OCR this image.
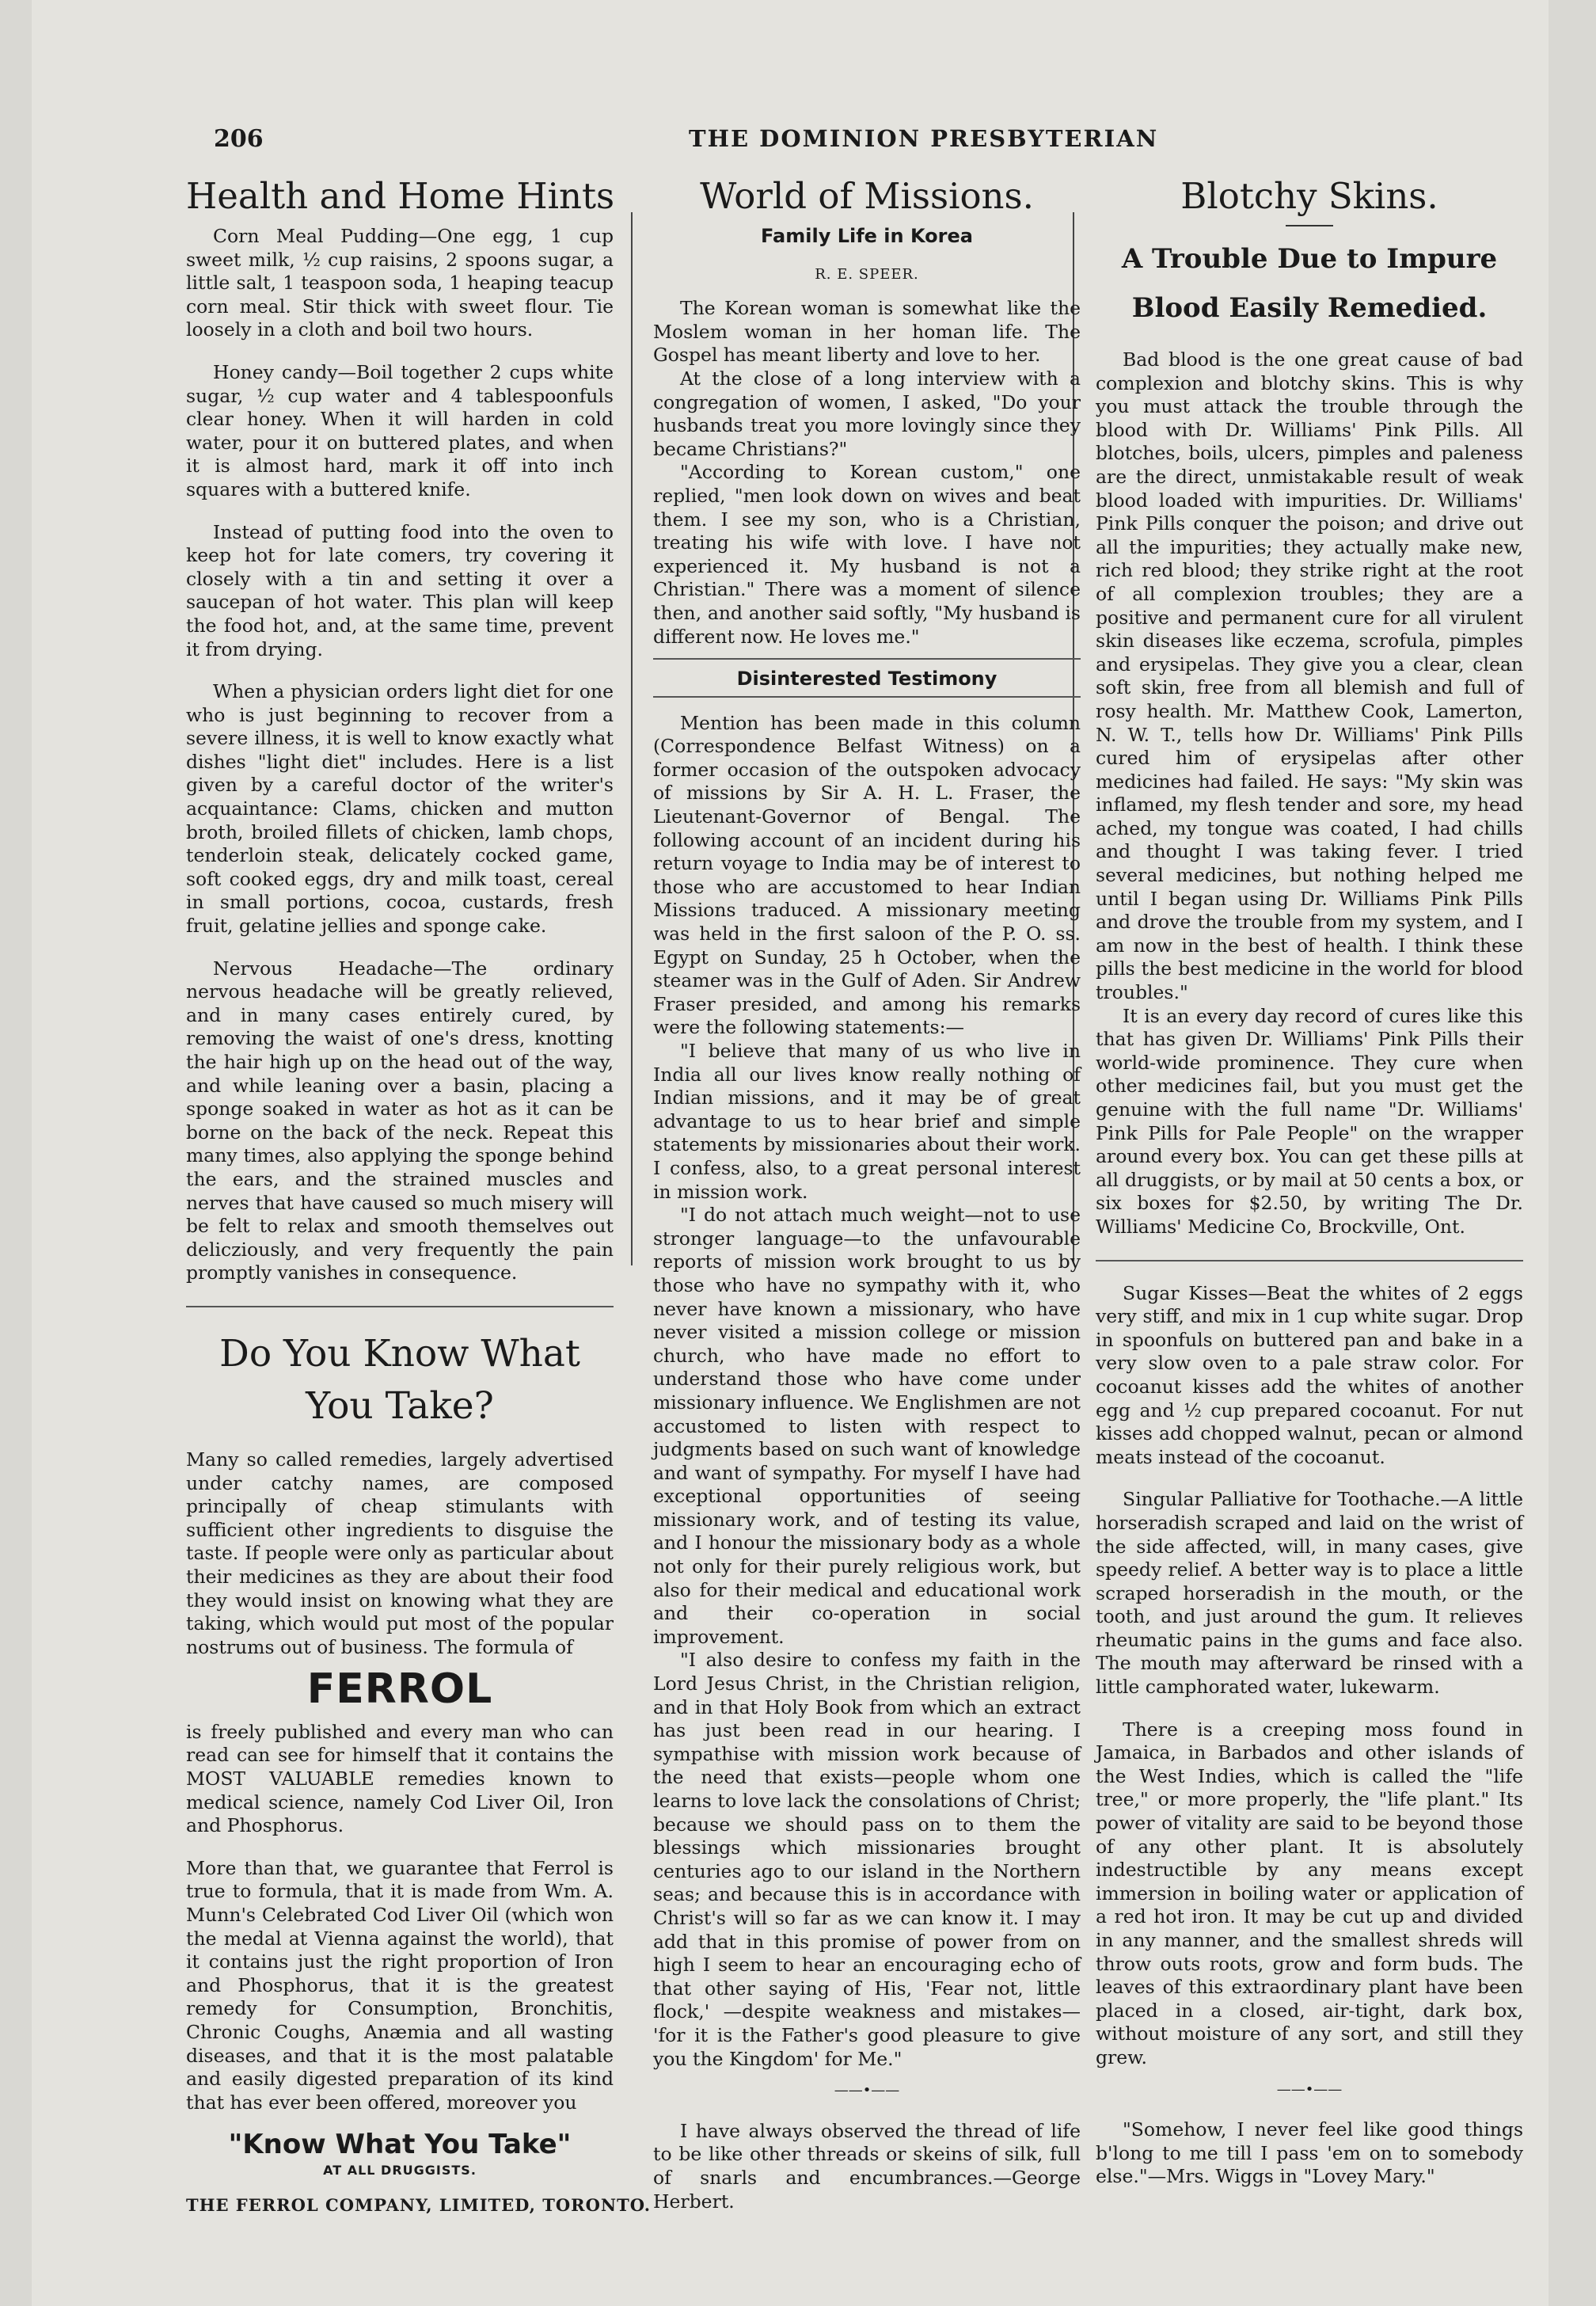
206	THE DOMINION PRESBYTERIAN
Health and Home Hints

Corn Meal Pudding—One egg, 1 cup sweet milk, ½ cup raisins, 2 spoons sugar, a little salt, 1 teaspoon soda, 1 heaping teacup corn meal. Stir thick with sweet flour. Tie loosely in a cloth and boil two hours.

Honey candy—Boil together 2 cups white sugar, ½ cup water and 4 tablespoonfuls clear honey. When it will harden in cold water, pour it on buttered plates, and when it is almost hard, mark it off into inch squares with a buttered knife.

Instead of putting food into the oven to keep hot for late comers, try covering it closely with a tin and setting it over a saucepan of hot water. This plan will keep the food hot, and, at the same time, prevent it from drying.

When a physician orders light diet for one who is just beginning to recover from a severe illness, it is well to know exactly what dishes "light diet" includes. Here is a list given by a careful doctor of the writer's acquaintance: Clams, chicken and mutton broth, broiled fillets of chicken, lamb chops, tenderloin steak, delicately cocked game, soft cooked eggs, dry and milk toast, cereal in small portions, cocoa, custards, fresh fruit, gelatine jellies and sponge cake.

Nervous Headache—The ordinary nervous headache will be greatly relieved, and in many cases entirely cured, by removing the waist of one's dress, knotting the hair high up on the head out of the way, and while leaning over a basin, placing a sponge soaked in water as hot as it can be borne on the back of the neck. Repeat this many times, also applying the sponge behind the ears, and the strained muscles and nerves that have caused so much misery will be felt to relax and smooth themselves out delicziously, and very frequently the pain promptly vanishes in consequence.

Do You Know What You Take?

Many so called remedies, largely advertised under catchy names, are composed principally of cheap stimulants with sufficient other ingredients to disguise the taste. If people were only as particular about their medicines as they are about their food they would insist on knowing what they are taking, which would put most of the popular nostrums out of business. The formula of

FERROL

is freely published and every man who can read can see for himself that it contains the MOST VALUABLE remedies known to medical science, namely Cod Liver Oil, Iron and Phosphorus.

More than that, we guarantee that Ferrol is true to formula, that it is made from Wm. A. Munn's Celebrated Cod Liver Oil (which won the medal at Vienna against the world), that it contains just the right proportion of Iron and Phosphorus, that it is the greatest remedy for Consumption, Bronchitis, Chronic Coughs, Anæmia and all wasting diseases, and that it is the most palatable and easily digested preparation of its kind that has ever been offered, moreover you

"Know What You Take"
AT ALL DRUGGISTS.
THE FERROL COMPANY, LIMITED, TORONTO.
World of Missions.
Family Life in Korea
R. E. SPEER.

The Korean woman is somewhat like the Moslem woman in her homan life. The Gospel has meant liberty and love to her.

At the close of a long interview with a congregation of women, I asked, "Do your husbands treat you more lovingly since they became Christians?"

"According to Korean custom," one replied, "men look down on wives and beat them. I see my son, who is a Christian, treating his wife with love. I have not experienced it. My husband is not a Christian." There was a moment of silence then, and another said softly, "My husband is different now. He loves me."

Disinterested Testimony

Mention has been made in this column (Correspondence Belfast Witness) on a former occasion of the outspoken advocacy of missions by Sir A. H. L. Fraser, the Lieutenant-Governor of Bengal. The following account of an incident during his return voyage to India may be of interest to those who are accustomed to hear Indian Missions traduced. A missionary meeting was held in the first saloon of the P. O. ss. Egypt on Sunday, 25 h October, when the steamer was in the Gulf of Aden. Sir Andrew Fraser presided, and among his remarks were the following statements:—

"I believe that many of us who live in India all our lives know really nothing of Indian missions, and it may be of great advantage to us to hear brief and simple statements by missionaries about their work. I confess, also, to a great personal interest in mission work.

"I do not attach much weight—not to use stronger language—to the unfavourable reports of mission work brought to us by those who have no sympathy with it, who never have known a missionary, who have never visited a mission college or mission church, who have made no effort to understand those who have come under missionary influence. We Englishmen are not accustomed to listen with respect to judgments based on such want of knowledge and want of sympathy. For myself I have had exceptional opportunities of seeing missionary work, and of testing its value, and I honour the missionary body as a whole not only for their purely religious work, but also for their medical and educational work and their co-operation in social improvement.

"I also desire to confess my faith in the Lord Jesus Christ, in the Christian religion, and in that Holy Book from which an extract has just been read in our hearing. I sympathise with mission work because of the need that exists—people whom one learns to love lack the consolations of Christ; because we should pass on to them the blessings which missionaries brought centuries ago to our island in the Northern seas; and because this is in accordance with Christ's will so far as we can know it. I may add that in this promise of power from on high I seem to hear an encouraging echo of that other saying of His, 'Fear not, little flock,' —despite weakness and mistakes— 'for it is the Father's good pleasure to give you the Kingdom' for Me."

——•——

I have always observed the thread of life to be like other threads or skeins of silk, full of snarls and encumbrances.—George Herbert.

Blotchy Skins.
A Trouble Due to Impure
Blood Easily Remedied.

Bad blood is the one great cause of bad complexion and blotchy skins. This is why you must attack the trouble through the blood with Dr. Williams' Pink Pills. All blotches, boils, ulcers, pimples and paleness are the direct, unmistakable result of weak blood loaded with impurities. Dr. Williams' Pink Pills conquer the poison; and drive out all the impurities; they actually make new, rich red blood; they strike right at the root of all complexion troubles; they are a positive and permanent cure for all virulent skin diseases like eczema, scrofula, pimples and erysipelas. They give you a clear, clean soft skin, free from all blemish and full of rosy health. Mr. Matthew Cook, Lamerton, N. W. T., tells how Dr. Williams' Pink Pills cured him of erysipelas after other medicines had failed. He says: "My skin was inflamed, my flesh tender and sore, my head ached, my tongue was coated, I had chills and thought I was taking fever. I tried several medicines, but nothing helped me until I began using Dr. Williams Pink Pills and drove the trouble from my system, and I am now in the best of health. I think these pills the best medicine in the world for blood troubles."

It is an every day record of cures like this that has given Dr. Williams' Pink Pills their world-wide prominence. They cure when other medicines fail, but you must get the genuine with the full name "Dr. Williams' Pink Pills for Pale People" on the wrapper around every box. You can get these pills at all druggists, or by mail at 50 cents a box, or six boxes for $2.50, by writing The Dr. Williams' Medicine Co, Brockville, Ont.

Sugar Kisses—Beat the whites of 2 eggs very stiff, and mix in 1 cup white sugar. Drop in spoonfuls on buttered pan and bake in a very slow oven to a pale straw color. For cocoanut kisses add the whites of another egg and ½ cup prepared cocoanut. For nut kisses add chopped walnut, pecan or almond meats instead of the cocoanut.

Singular Palliative for Toothache.—A little horseradish scraped and laid on the wrist of the side affected, will, in many cases, give speedy relief. A better way is to place a little scraped horseradish in the mouth, or the tooth, and just around the gum. It relieves rheumatic pains in the gums and face also. The mouth may afterward be rinsed with a little camphorated water, lukewarm.

There is a creeping moss found in Jamaica, in Barbados and other islands of the West Indies, which is called the "life tree," or more properly, the "life plant." Its power of vitality are said to be beyond those of any other plant. It is absolutely indestructible by any means except immersion in boiling water or application of a red hot iron. It may be cut up and divided in any manner, and the smallest shreds will throw outs roots, grow and form buds. The leaves of this extraordinary plant have been placed in a closed, air-tight, dark box, without moisture of any sort, and still they grew.

——•——

"Somehow, I never feel like good things b'long to me till I pass 'em on to somebody else."—Mrs. Wiggs in "Lovey Mary."
